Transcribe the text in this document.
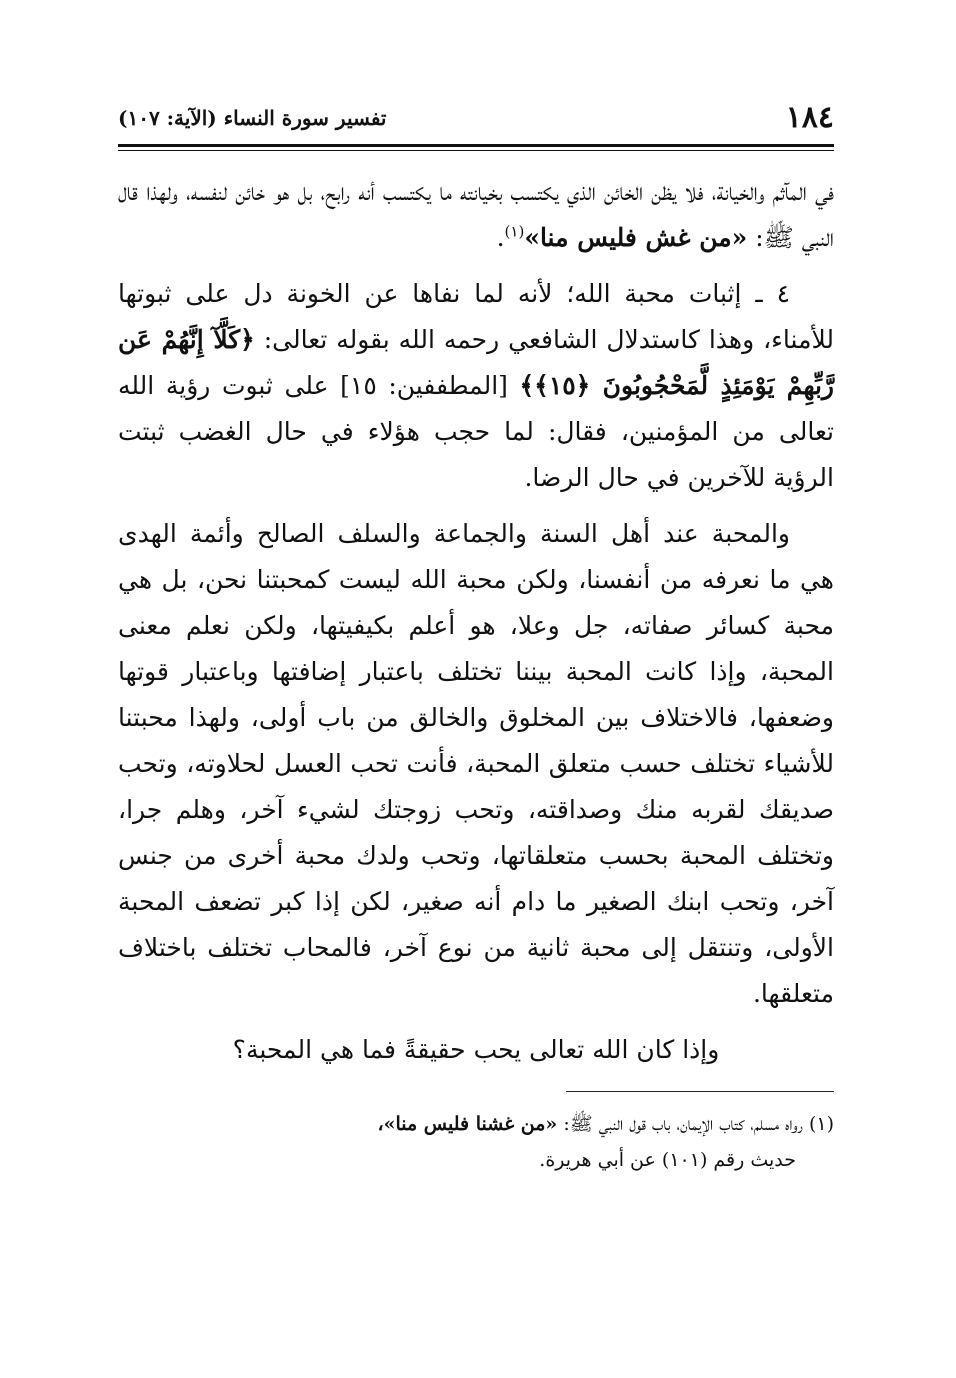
١٨٤
تفسير سورة النساء (الآية: ١٠٧)

في المآثم والخيانة، فلا يظن الخائن الذي يكتسب بخيانته ما يكتسب أنه رابح، بل هو خائن لنفسه، ولهذا قال النبي ﷺ: «من غش فليس منا»$^{(١)}$.

٤ ـ إثبات محبة الله؛ لأنه لما نفاها عن الخونة دل على ثبوتها للأمناء، وهذا كاستدلال الشافعي رحمه الله بقوله تعالى: ﴿كَلَّآ إِنَّهُمْ عَن رَّبِّهِمْ يَوْمَئِذٍ لَّمَحْجُوبُونَ ﴿١٥﴾﴾ [المطففين: ١٥] على ثبوت رؤية الله تعالى من المؤمنين، فقال: لما حجب هؤلاء في حال الغضب ثبتت الرؤية للآخرين في حال الرضا.

والمحبة عند أهل السنة والجماعة والسلف الصالح وأئمة الهدى هي ما نعرفه من أنفسنا، ولكن محبة الله ليست كمحبتنا نحن، بل هي محبة كسائر صفاته، جل وعلا، هو أعلم بكيفيتها، ولكن نعلم معنى المحبة، وإذا كانت المحبة بيننا تختلف باعتبار إضافتها وباعتبار قوتها وضعفها، فالاختلاف بين المخلوق والخالق من باب أولى، ولهذا محبتنا للأشياء تختلف حسب متعلق المحبة، فأنت تحب العسل لحلاوته، وتحب صديقك لقربه منك وصداقته، وتحب زوجتك لشيء آخر، وهلم جرا، وتختلف المحبة بحسب متعلقاتها، وتحب ولدك محبة أخرى من جنس آخر، وتحب ابنك الصغير ما دام أنه صغير، لكن إذا كبر تضعف المحبة الأولى، وتنتقل إلى محبة ثانية من نوع آخر، فالمحاب تختلف باختلاف متعلقها.

وإذا كان الله تعالى يحب حقيقةً فما هي المحبة؟

(١) رواه مسلم، كتاب الإيمان، باب قول النبي ﷺ: «من غشنا فليس منا»،
حديث رقم (١٠١) عن أبي هريرة.
